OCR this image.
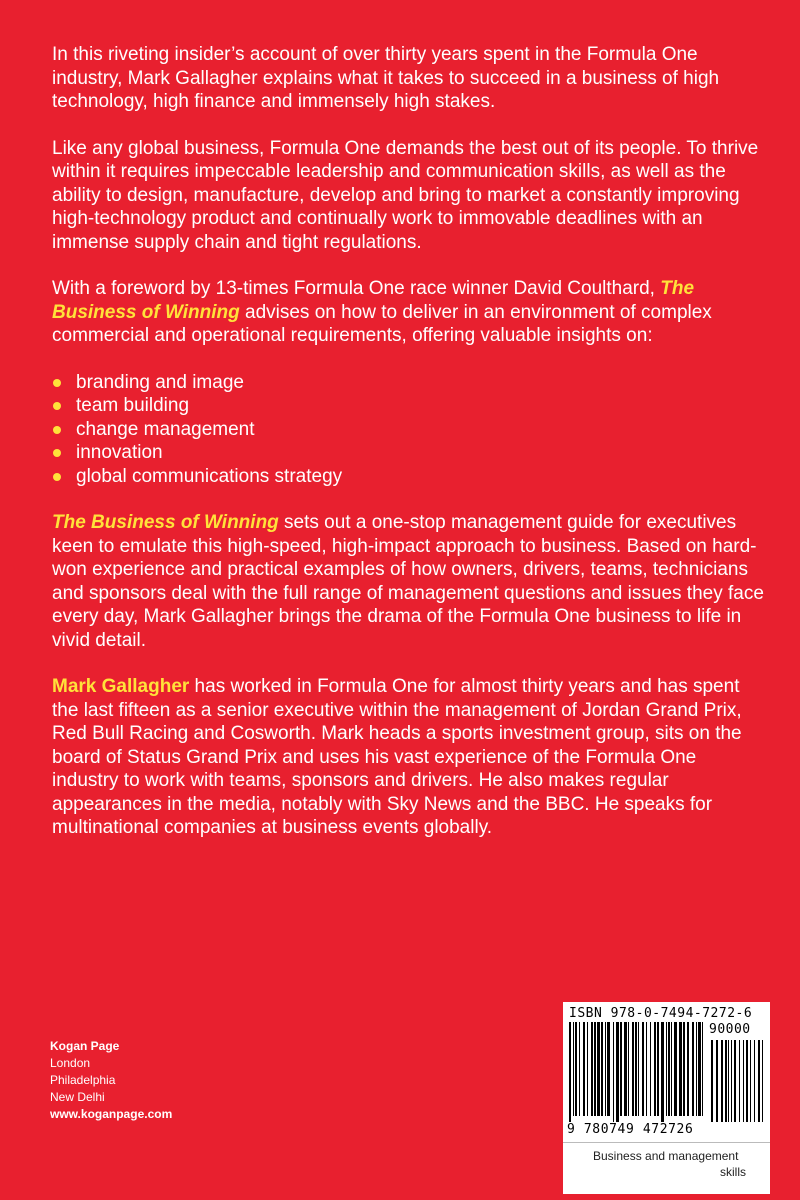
In this riveting insider’s account of over thirty years spent in the Formula One industry, Mark Gallagher explains what it takes to succeed in a business of high technology, high finance and immensely high stakes.

Like any global business, Formula One demands the best out of its people. To thrive within it requires impeccable leadership and communication skills, as well as the ability to design, manufacture, develop and bring to market a constantly improving high-technology product and continually work to immovable deadlines with an immense supply chain and tight regulations.

With a foreword by 13-times Formula One race winner David Coulthard, The Business of Winning advises on how to deliver in an environment of complex commercial and operational requirements, offering valuable insights on:

branding and image
team building
change management
innovation
global communications strategy

The Business of Winning sets out a one-stop management guide for executives keen to emulate this high-speed, high-impact approach to business. Based on hard-won experience and practical examples of how owners, drivers, teams, technicians and sponsors deal with the full range of management questions and issues they face every day, Mark Gallagher brings the drama of the Formula One business to life in vivid detail.

Mark Gallagher has worked in Formula One for almost thirty years and has spent the last fifteen as a senior executive within the management of Jordan Grand Prix, Red Bull Racing and Cosworth. Mark heads a sports investment group, sits on the board of Status Grand Prix and uses his vast experience of the Formula One industry to work with teams, sponsors and drivers. He also makes regular appearances in the media, notably with Sky News and the BBC. He speaks for multinational companies at business events globally.

Kogan Page
London
Philadelphia
New Delhi
www.koganpage.com
ISBN 978-0-7494-7272-6
90000
9 780749 472726
Business and management
skills
